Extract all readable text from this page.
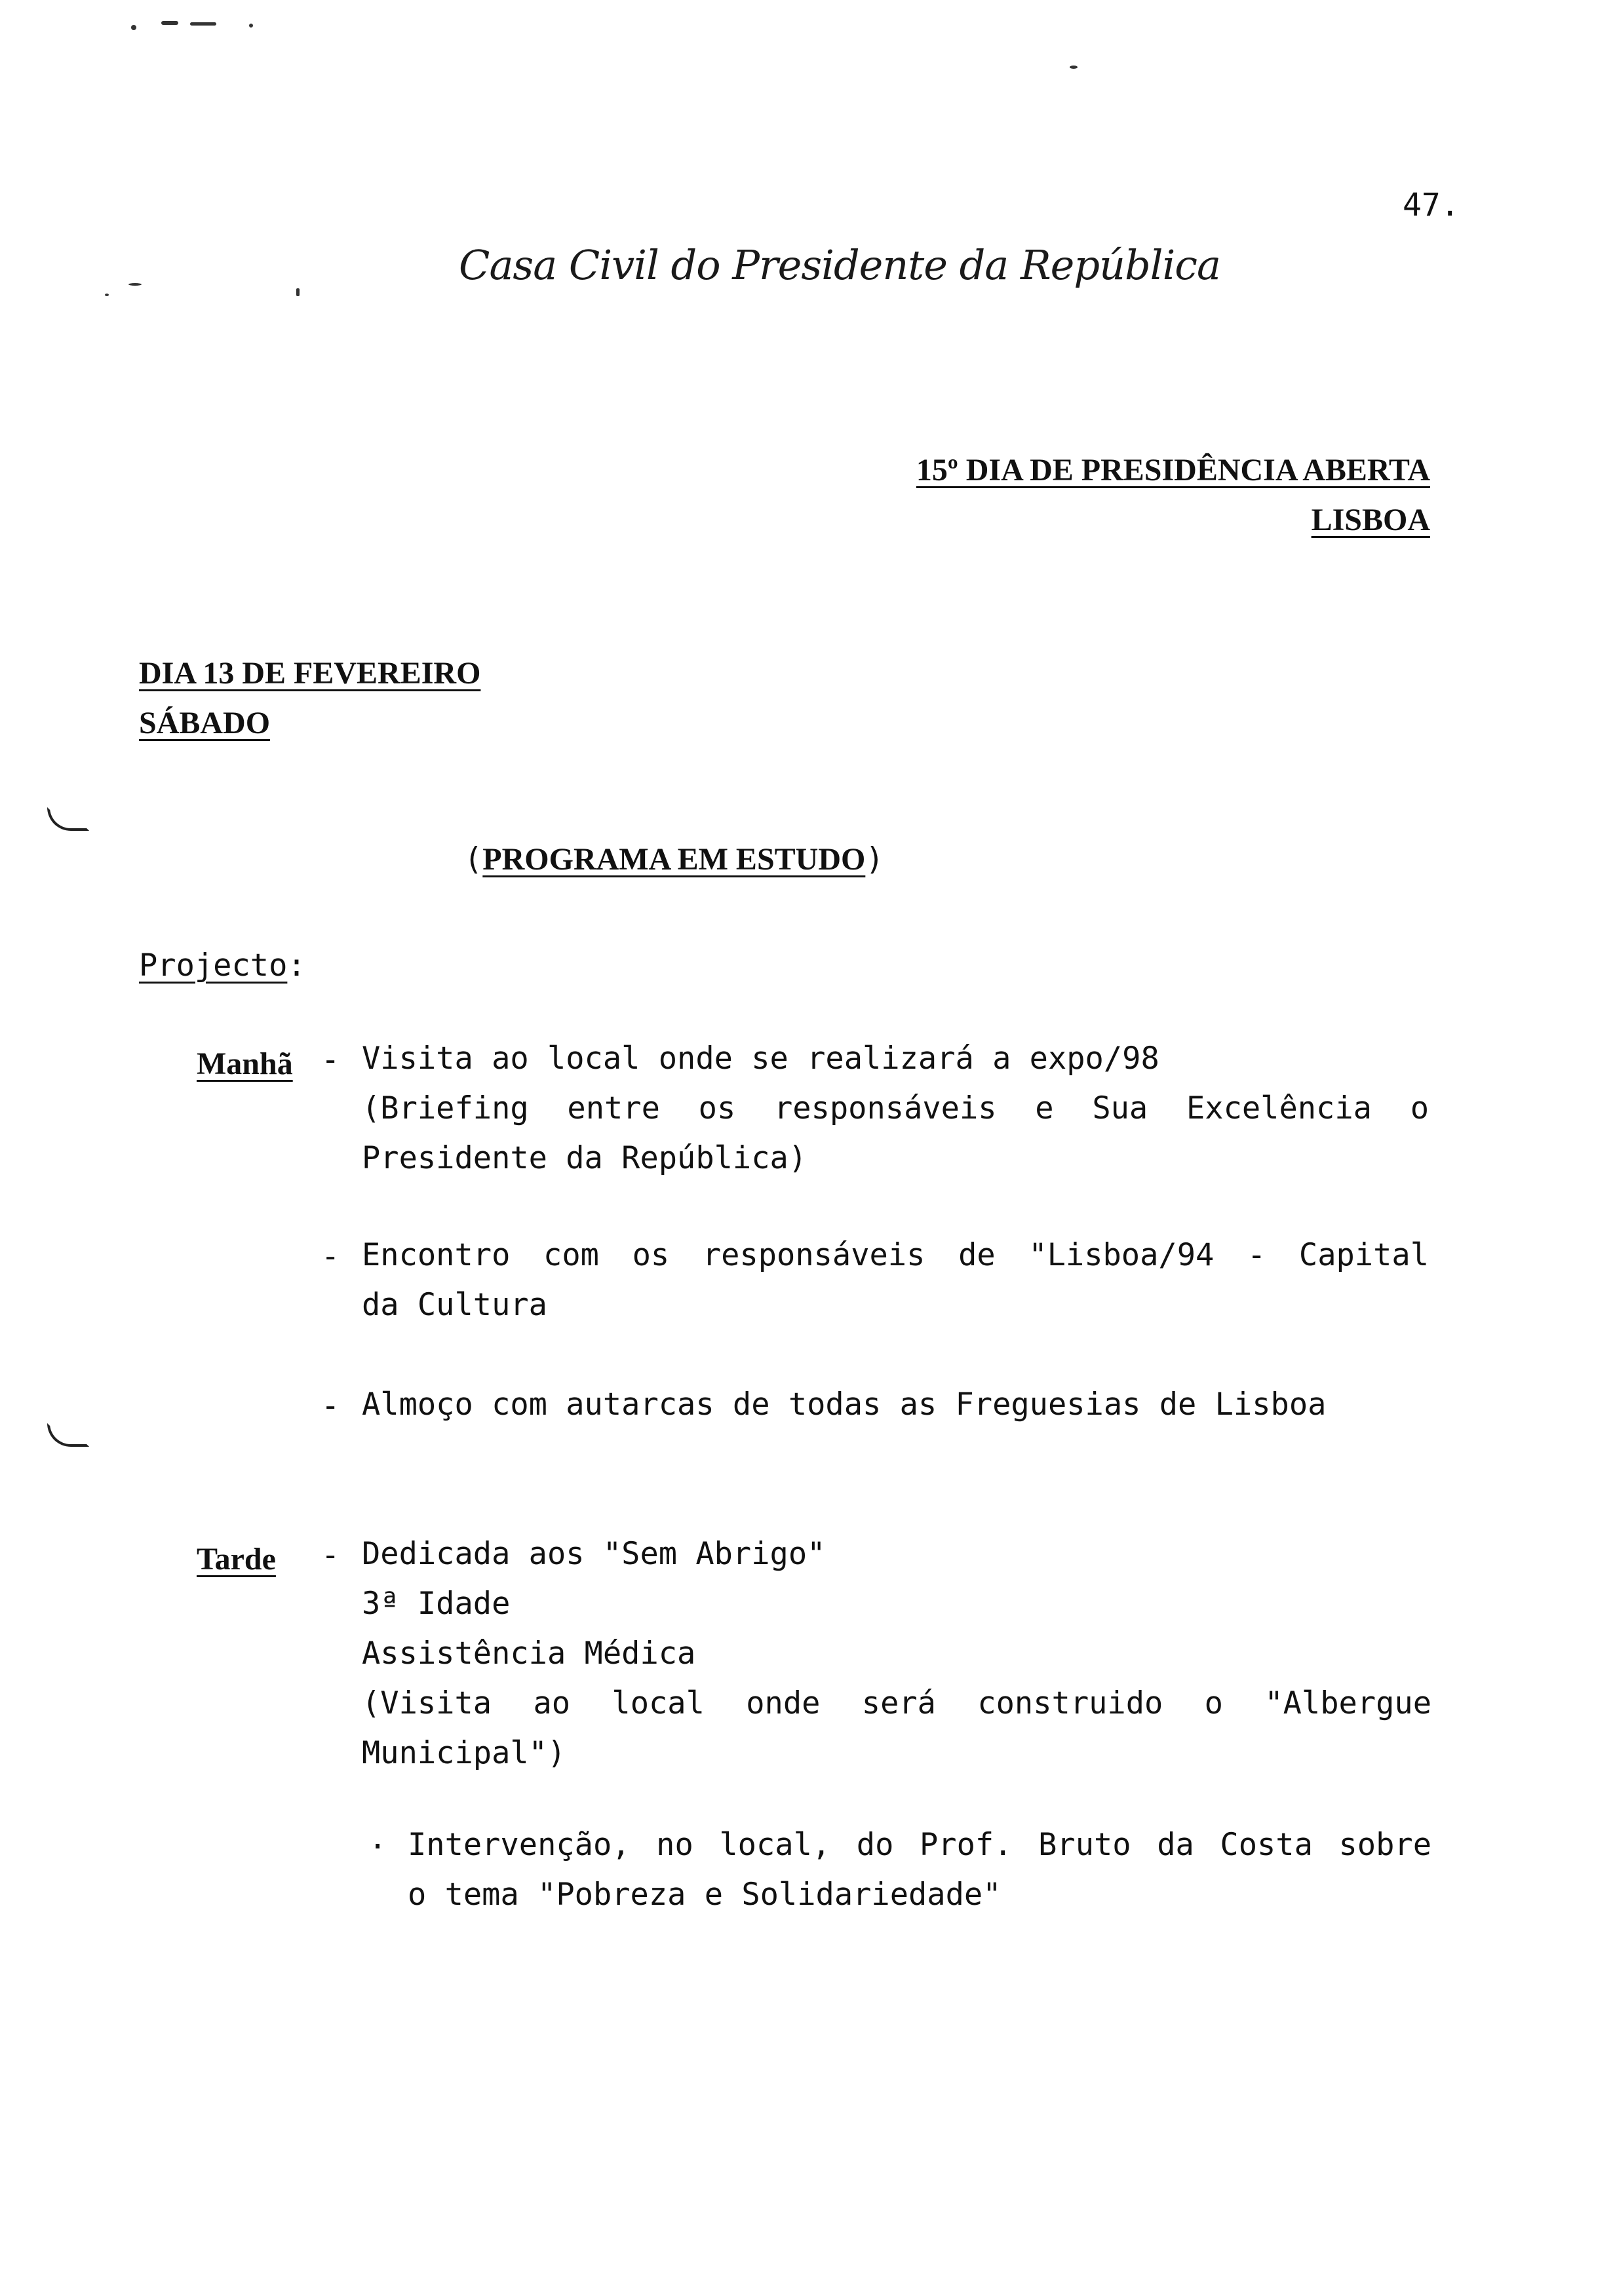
47.
Casa Civil do Presidente da República
15º DIA DE PRESIDÊNCIA ABERTA
LISBOA
DIA 13 DE FEVEREIRO
SÁBADO
(PROGRAMA EM ESTUDO)
Projecto:
Manhã - Visita ao local onde se realizará a expo/98
(Briefing entre os responsáveis e Sua Excelência o
Presidente da República)
- Encontro com os responsáveis de "Lisboa/94 - Capital
da Cultura
- Almoço com autarcas de todas as Freguesias de Lisboa
Tarde - Dedicada aos "Sem Abrigo"
3ª Idade
Assistência Médica
(Visita ao local onde será construido o "Albergue
Municipal")
. Intervenção, no local, do Prof. Bruto da Costa sobre
o tema "Pobreza e Solidariedade"
